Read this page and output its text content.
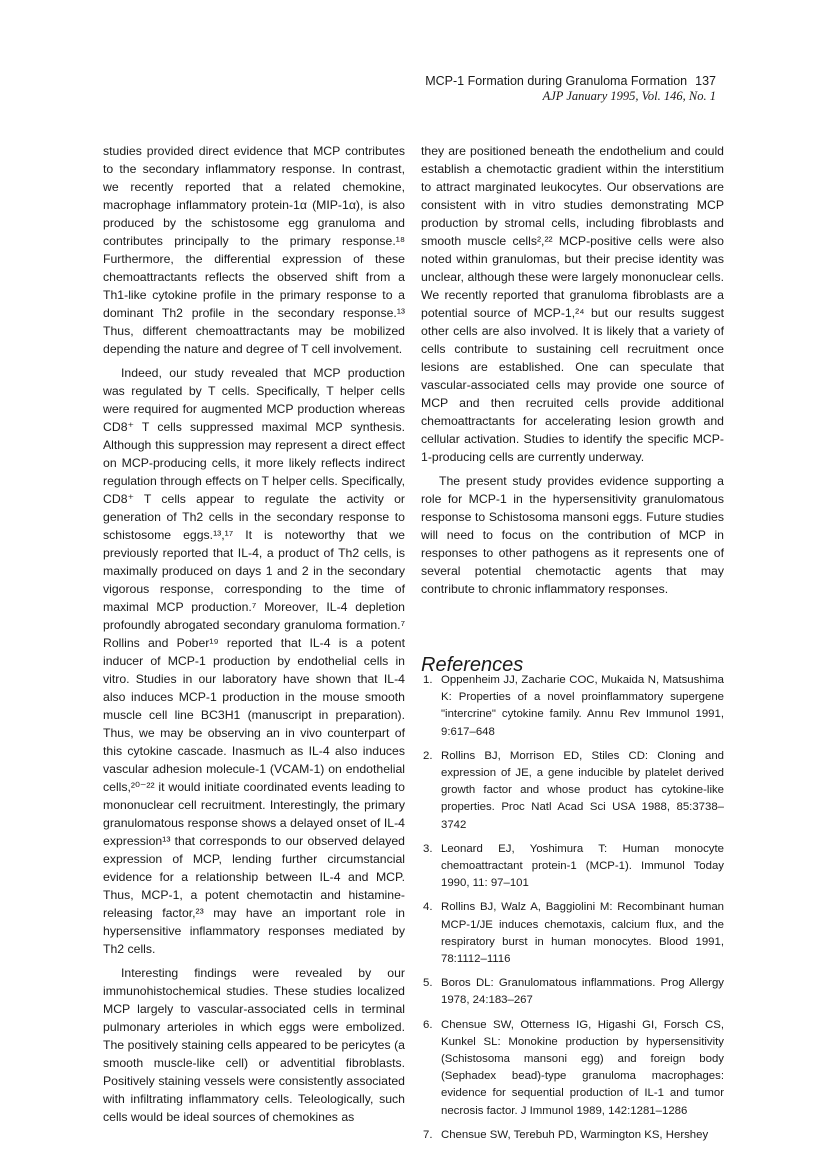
MCP-1 Formation during Granuloma Formation 137
AJP January 1995, Vol. 146, No. 1

studies provided direct evidence that MCP contributes to the secondary inflammatory response. In contrast, we recently reported that a related chemokine, macrophage inflammatory protein-1α (MIP-1α), is also produced by the schistosome egg granuloma and contributes principally to the primary response.¹⁸ Furthermore, the differential expression of these chemoattractants reflects the observed shift from a Th1-like cytokine profile in the primary response to a dominant Th2 profile in the secondary response.¹³ Thus, different chemoattractants may be mobilized depending the nature and degree of T cell involvement.

Indeed, our study revealed that MCP production was regulated by T cells. Specifically, T helper cells were required for augmented MCP production whereas CD8⁺ T cells suppressed maximal MCP synthesis. Although this suppression may represent a direct effect on MCP-producing cells, it more likely reflects indirect regulation through effects on T helper cells. Specifically, CD8⁺ T cells appear to regulate the activity or generation of Th2 cells in the secondary response to schistosome eggs.¹³,¹⁷ It is noteworthy that we previously reported that IL-4, a product of Th2 cells, is maximally produced on days 1 and 2 in the secondary vigorous response, corresponding to the time of maximal MCP production.⁷ Moreover, IL-4 depletion profoundly abrogated secondary granuloma formation.⁷ Rollins and Pober¹⁹ reported that IL-4 is a potent inducer of MCP-1 production by endothelial cells in vitro. Studies in our laboratory have shown that IL-4 also induces MCP-1 production in the mouse smooth muscle cell line BC3H1 (manuscript in preparation). Thus, we may be observing an in vivo counterpart of this cytokine cascade. Inasmuch as IL-4 also induces vascular adhesion molecule-1 (VCAM-1) on endothelial cells,²⁰⁻²² it would initiate coordinated events leading to mononuclear cell recruitment. Interestingly, the primary granulomatous response shows a delayed onset of IL-4 expression¹³ that corresponds to our observed delayed expression of MCP, lending further circumstancial evidence for a relationship between IL-4 and MCP. Thus, MCP-1, a potent chemotactin and histamine-releasing factor,²³ may have an important role in hypersensitive inflammatory responses mediated by Th2 cells.

Interesting findings were revealed by our immunohistochemical studies. These studies localized MCP largely to vascular-associated cells in terminal pulmonary arterioles in which eggs were embolized. The positively staining cells appeared to be pericytes (a smooth muscle-like cell) or adventitial fibroblasts. Positively staining vessels were consistently associated with infiltrating inflammatory cells. Teleologically, such cells would be ideal sources of chemokines as

they are positioned beneath the endothelium and could establish a chemotactic gradient within the interstitium to attract marginated leukocytes. Our observations are consistent with in vitro studies demonstrating MCP production by stromal cells, including fibroblasts and smooth muscle cells²,²² MCP-positive cells were also noted within granulomas, but their precise identity was unclear, although these were largely mononuclear cells. We recently reported that granuloma fibroblasts are a potential source of MCP-1,²⁴ but our results suggest other cells are also involved. It is likely that a variety of cells contribute to sustaining cell recruitment once lesions are established. One can speculate that vascular-associated cells may provide one source of MCP and then recruited cells provide additional chemoattractants for accelerating lesion growth and cellular activation. Studies to identify the specific MCP-1-producing cells are currently underway.

The present study provides evidence supporting a role for MCP-1 in the hypersensitivity granulomatous response to Schistosoma mansoni eggs. Future studies will need to focus on the contribution of MCP in responses to other pathogens as it represents one of several potential chemotactic agents that may contribute to chronic inflammatory responses.

References
1. Oppenheim JJ, Zacharie COC, Mukaida N, Matsushima K: Properties of a novel proinflammatory supergene "intercrine" cytokine family. Annu Rev Immunol 1991, 9:617–648
2. Rollins BJ, Morrison ED, Stiles CD: Cloning and expression of JE, a gene inducible by platelet derived growth factor and whose product has cytokine-like properties. Proc Natl Acad Sci USA 1988, 85:3738–3742
3. Leonard EJ, Yoshimura T: Human monocyte chemoattractant protein-1 (MCP-1). Immunol Today 1990, 11: 97–101
4. Rollins BJ, Walz A, Baggiolini M: Recombinant human MCP-1/JE induces chemotaxis, calcium flux, and the respiratory burst in human monocytes. Blood 1991, 78:1112–1116
5. Boros DL: Granulomatous inflammations. Prog Allergy 1978, 24:183–267
6. Chensue SW, Otterness IG, Higashi GI, Forsch CS, Kunkel SL: Monokine production by hypersensitivity (Schistosoma mansoni egg) and foreign body (Sephadex bead)-type granuloma macrophages: evidence for sequential production of IL-1 and tumor necrosis factor. J Immunol 1989, 142:1281–1286
7. Chensue SW, Terebuh PD, Warmington KS, Hershey
